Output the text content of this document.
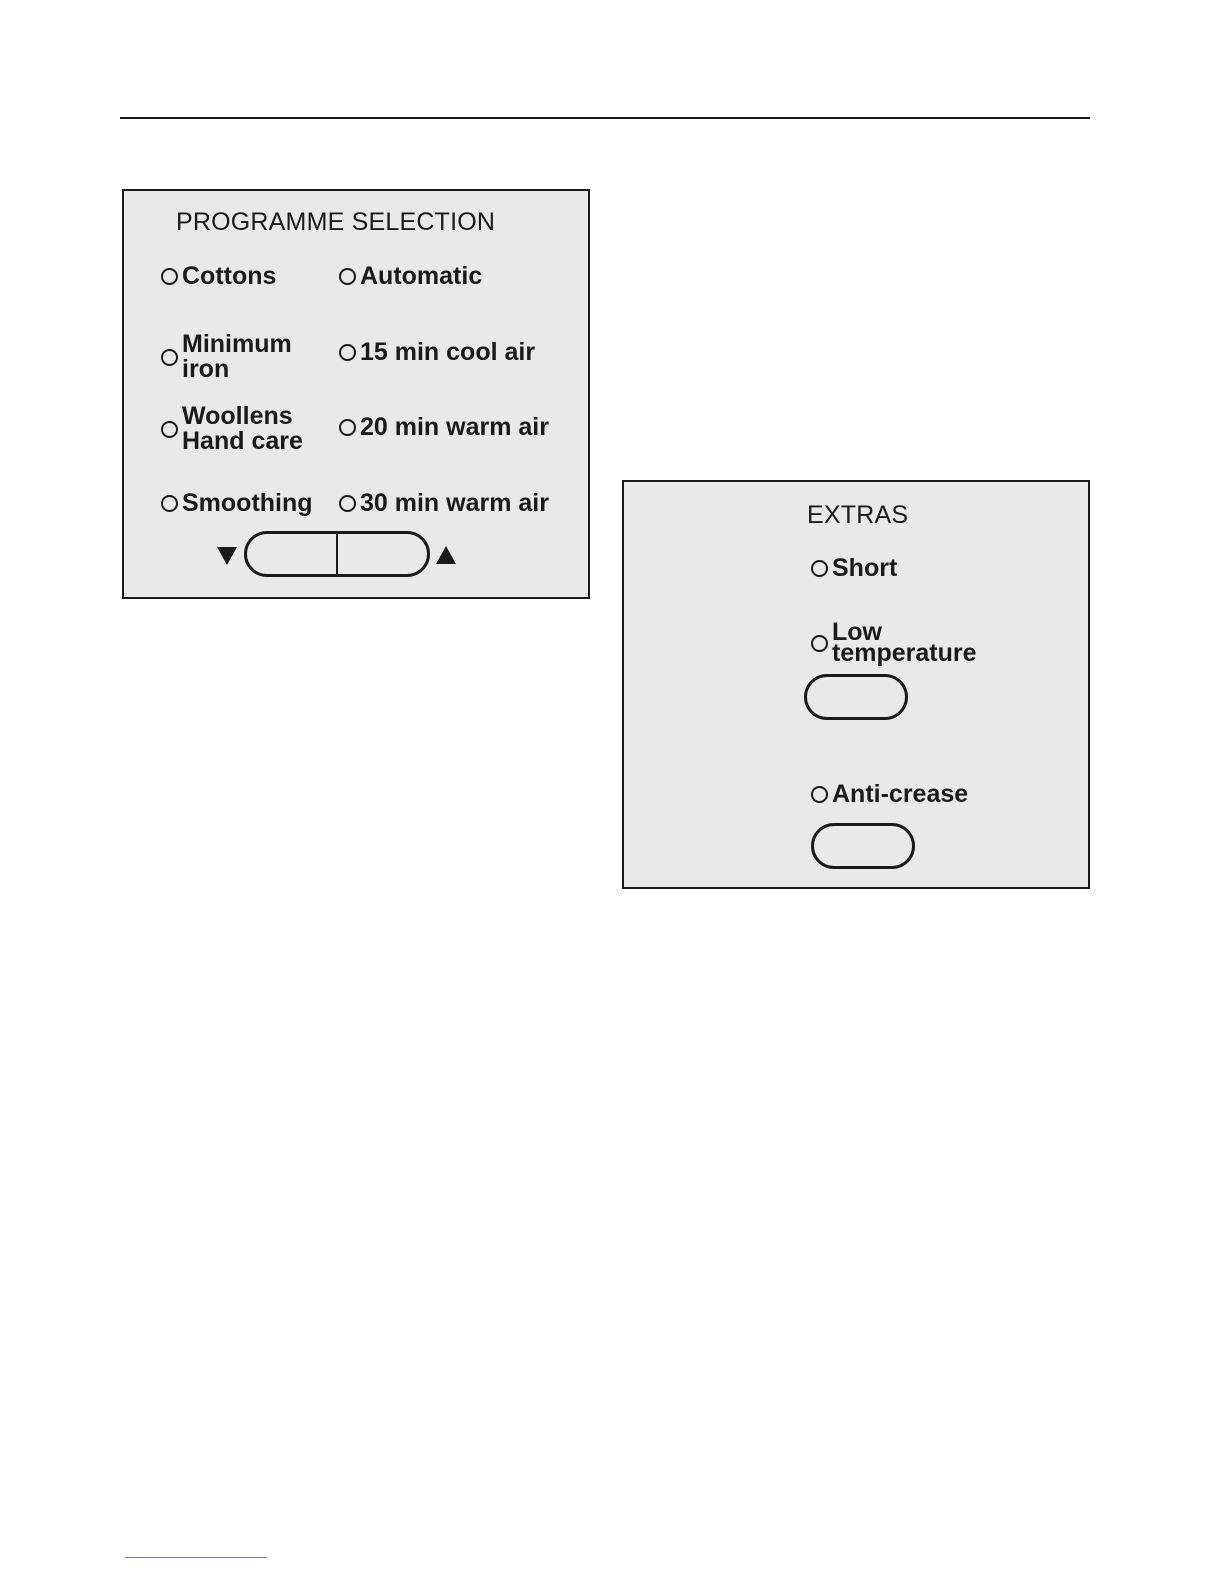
PROGRAMME SELECTION
Cottons	Automatic
Minimum
iron
15 min cool air
Woollens
Hand care 20 min warm air
Smoothing 30 min warm air	EXTRAS
Short
Low
temperature
Anti-crease
